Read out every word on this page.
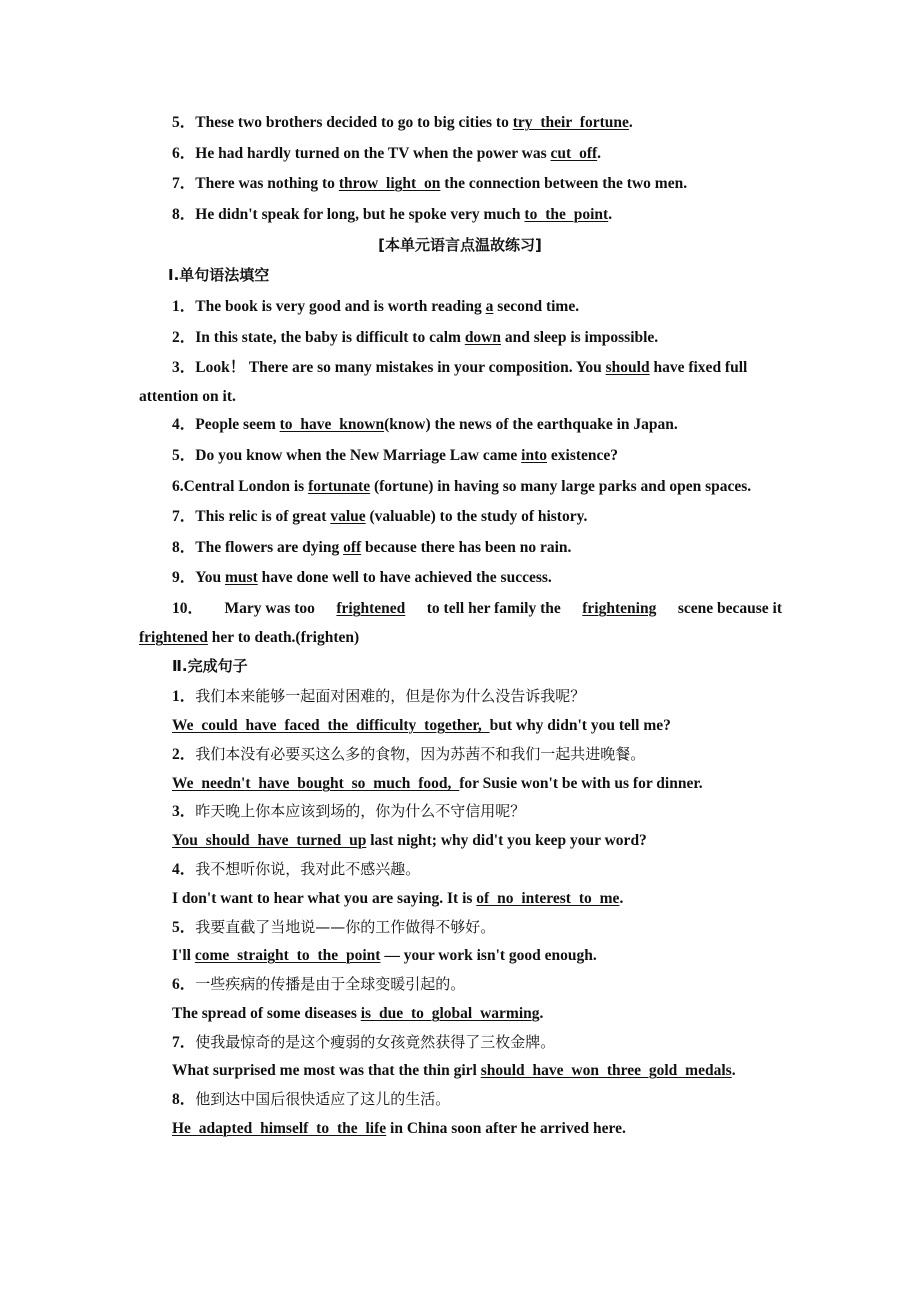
5．These two brothers decided to go to big cities to try their fortune.
6．He had hardly turned on the TV when the power was cut off.
7．There was nothing to throw light on the connection between the two men.
8．He didn't speak for long, but he spoke very much to the point.
[本单元语言点温故练习]
Ⅰ.单句语法填空
1．The book is very good and is worth reading a second time.
2．In this state, the baby is difficult to calm down and sleep is impossible.
3．Look！ There are so many mistakes in your composition. You should have fixed full
attention on it.
4．People seem to have known(know) the news of the earthquake in Japan.
5．Do you know when the New Marriage Law came into existence?
6.Central London is fortunate (fortune) in having so many large parks and open spaces.
7．This relic is of great value (valuable) to the study of history.
8．The flowers are dying off because there has been no rain.
9．You must have done well to have achieved the success.
10． Mary was too frightened to tell her family the frightening scene because it
frightened her to death.(frighten)
Ⅱ.完成句子
1．我们本来能够一起面对困难的，但是你为什么没告诉我呢？
We could have faced the difficulty together, but why didn't you tell me?
2．我们本没有必要买这么多的食物，因为苏茜不和我们一起共进晚餐。
We needn't have bought so much food, for Susie won't be with us for dinner.
3．昨天晚上你本应该到场的，你为什么不守信用呢？
You should have turned up last night; why did't you keep your word?
4．我不想听你说，我对此不感兴趣。
I don't want to hear what you are saying. It is of no interest to me.
5．我要直截了当地说——你的工作做得不够好。
I'll come straight to the point — your work isn't good enough.
6．一些疾病的传播是由于全球变暖引起的。
The spread of some diseases is due to global warming.
7．使我最惊奇的是这个瘦弱的女孩竟然获得了三枚金牌。
What surprised me most was that the thin girl should have won three gold medals.
8．他到达中国后很快适应了这儿的生活。
He adapted himself to the life in China soon after he arrived here.
